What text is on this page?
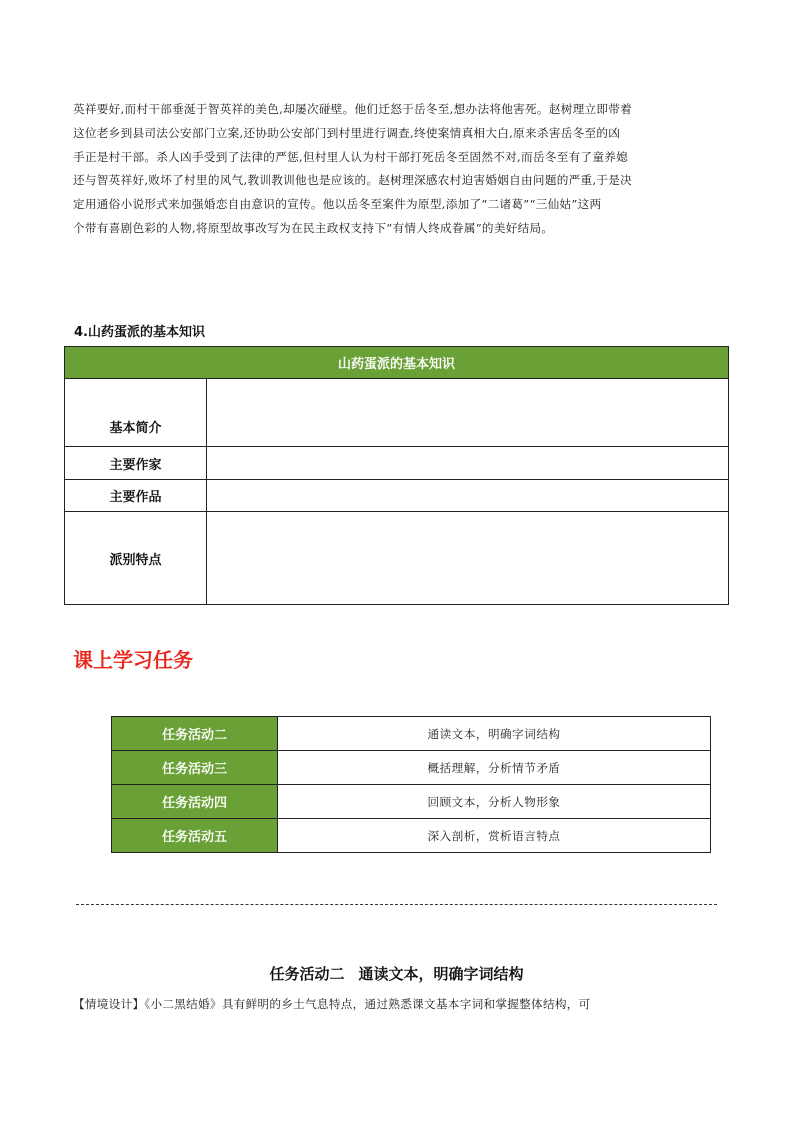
英祥要好,而村干部垂涎于智英祥的美色,却屡次碰壁。他们迁怒于岳冬至,想办法将他害死。赵树理立即带着
这位老乡到县司法公安部门立案,还协助公安部门到村里进行调查,终使案情真相大白,原来杀害岳冬至的凶
手正是村干部。杀人凶手受到了法律的严惩,但村里人认为村干部打死岳冬至固然不对,而岳冬至有了童养媳
还与智英祥好,败坏了村里的风气,教训教训他也是应该的。赵树理深感农村迫害婚姻自由问题的严重,于是决
定用通俗小说形式来加强婚恋自由意识的宣传。他以岳冬至案件为原型,添加了“二诸葛”“三仙姑”这两
个带有喜剧色彩的人物,将原型故事改写为在民主政权支持下“有情人终成眷属”的美好结局。
4.山药蛋派的基本知识
山药蛋派的基本知识	
基本简介	
主要作家	
主要作品	
派别特点	
课上学习任务
任务活动二	通读文本，明确字词结构
任务活动三	概括理解，分析情节矛盾
任务活动四	回顾文本，分析人物形象
任务活动五	深入剖析，赏析语言特点
任务活动二 通读文本，明确字词结构
【情境设计】《小二黑结婚》具有鲜明的乡土气息特点，通过熟悉课文基本字词和掌握整体结构，可
